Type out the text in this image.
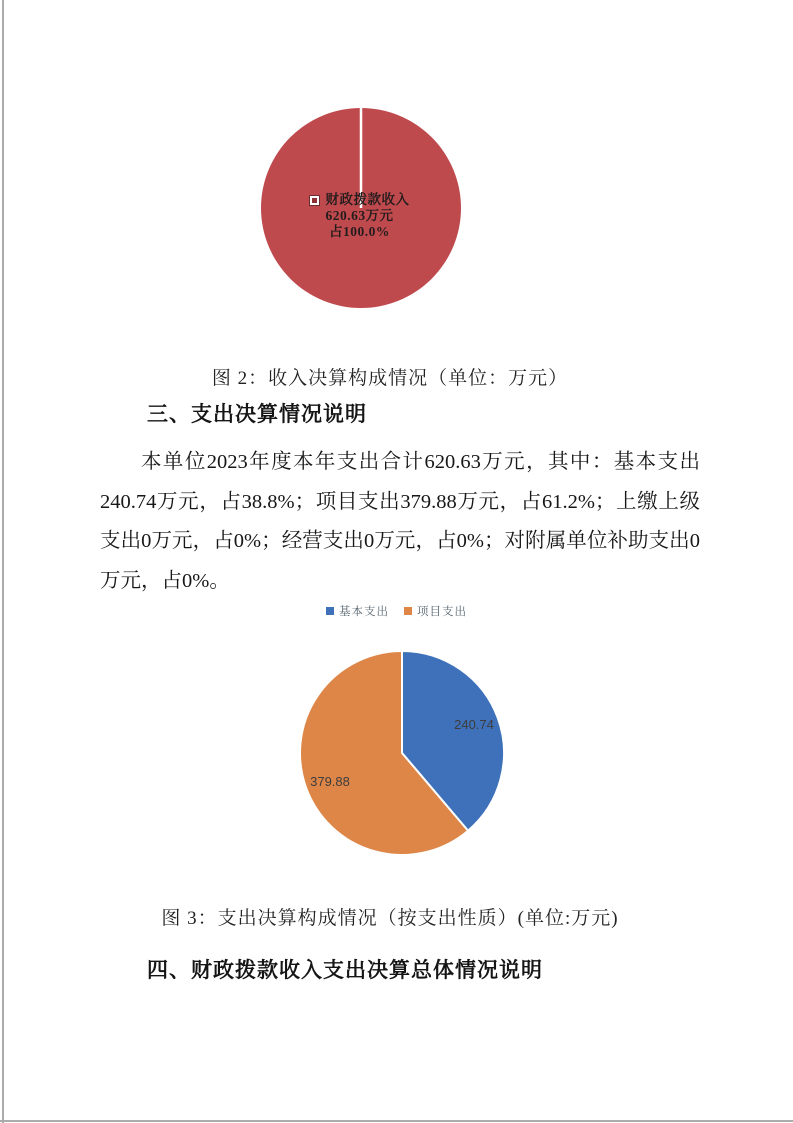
财政拨款收入
620.63万元
占100.0%
图 2：收入决算构成情况（单位：万元）
三、支出决算情况说明
本单位2023年度本年支出合计620.63万元，其中：基本支出240.74万元，占38.8%；项目支出379.88万元，占61.2%；上缴上级支出0万元，占0%；经营支出0万元，占0%；对附属单位补助支出0万元，占0%。
基本支出 项目支出
240.74
379.88
图 3：支出决算构成情况（按支出性质）(单位:万元)
四、财政拨款收入支出决算总体情况说明
